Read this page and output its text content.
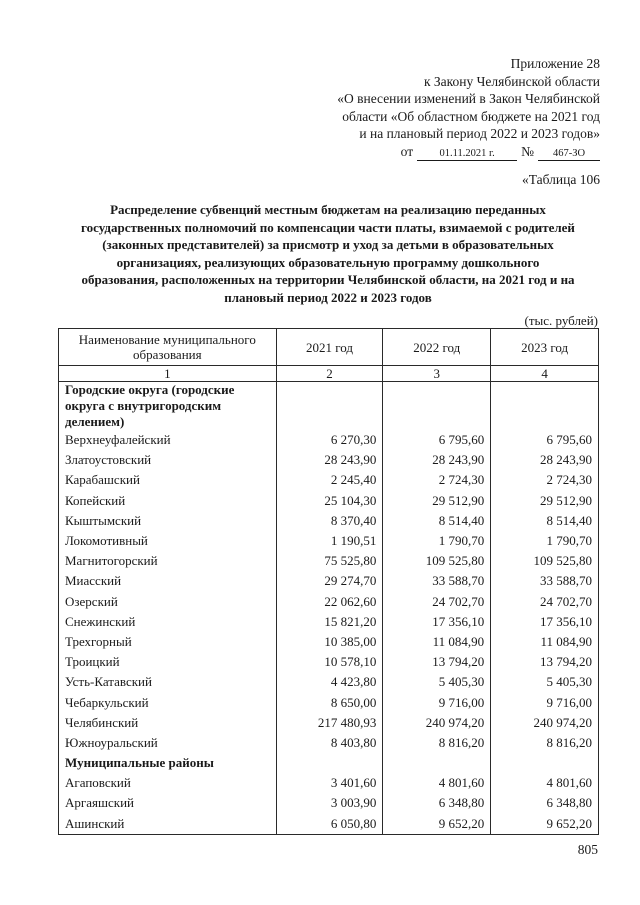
Приложение 28
к Закону Челябинской области
«О внесении изменений в Закон Челябинской
области «Об областном бюджете на 2021 год
и на плановый период 2022 и 2023 годов»
от	01.11.2021 г.	№	467-ЗО
«Таблица 106
Распределение субвенций местным бюджетам на реализацию переданных государственных полномочий по компенсации части платы, взимаемой с родителей (законных представителей) за присмотр и уход за детьми в образовательных организациях, реализующих образовательную программу дошкольного образования, расположенных на территории Челябинской области, на 2021 год и на плановый период 2022 и 2023 годов
(тыс. рублей)
Наименование муниципального образования	2021 год	2022 год	2023 год
1	2	3	4
Городские округа (городские округа с внутригородским делением)			
Верхнеуфалейский	6 270,30	6 795,60	6 795,60
Златоустовский	28 243,90	28 243,90	28 243,90
Карабашский	2 245,40	2 724,30	2 724,30
Копейский	25 104,30	29 512,90	29 512,90
Кыштымский	8 370,40	8 514,40	8 514,40
Локомотивный	1 190,51	1 790,70	1 790,70
Магнитогорский	75 525,80	109 525,80	109 525,80
Миасский	29 274,70	33 588,70	33 588,70
Озерский	22 062,60	24 702,70	24 702,70
Снежинский	15 821,20	17 356,10	17 356,10
Трехгорный	10 385,00	11 084,90	11 084,90
Троицкий	10 578,10	13 794,20	13 794,20
Усть-Катавский	4 423,80	5 405,30	5 405,30
Чебаркульский	8 650,00	9 716,00	9 716,00
Челябинский	217 480,93	240 974,20	240 974,20
Южноуральский	8 403,80	8 816,20	8 816,20
Муниципальные районы			
Агаповский	3 401,60	4 801,60	4 801,60
Аргаяшский	3 003,90	6 348,80	6 348,80
Ашинский	6 050,80	9 652,20	9 652,20
805
